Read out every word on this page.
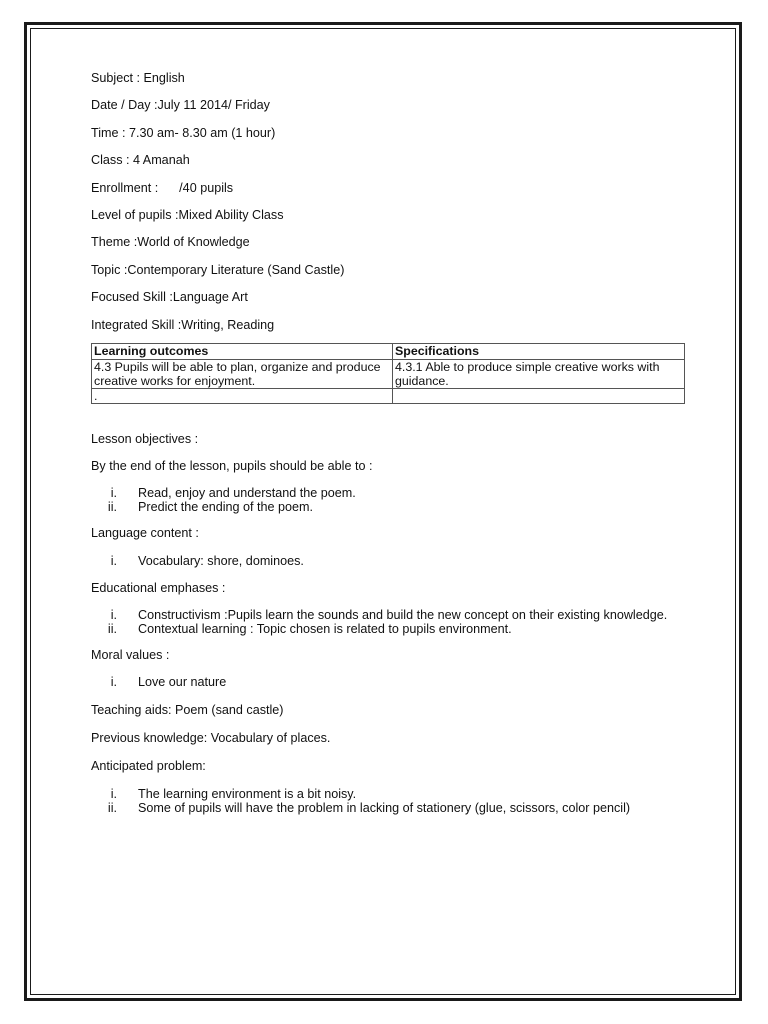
Subject : English

Date / Day :July 11 2014/ Friday

Time : 7.30 am- 8.30 am (1 hour)

Class : 4 Amanah

Enrollment :      /40 pupils

Level of pupils :Mixed Ability Class

Theme :World of Knowledge

Topic :Contemporary Literature (Sand Castle)

Focused Skill :Language Art

Integrated Skill :Writing, Reading

Learning outcomes	Specifications
4.3 Pupils will be able to plan, organize and produce creative works for enjoyment.	4.3.1 Able to produce simple creative works with guidance.
.	

Lesson objectives :

By the end of the lesson, pupils should be able to :

i. Read, enjoy and understand the poem.
ii. Predict the ending of the poem.

Language content :

i. Vocabulary: shore, dominoes.

Educational emphases :

i. Constructivism :Pupils learn the sounds and build the new concept on their existing knowledge.
ii. Contextual learning : Topic chosen is related to pupils environment.

Moral values :

i. Love our nature

Teaching aids: Poem (sand castle)

Previous knowledge: Vocabulary of places.

Anticipated problem:

i. The learning environment is a bit noisy.
ii. Some of pupils will have the problem in lacking of stationery (glue, scissors, color pencil)
